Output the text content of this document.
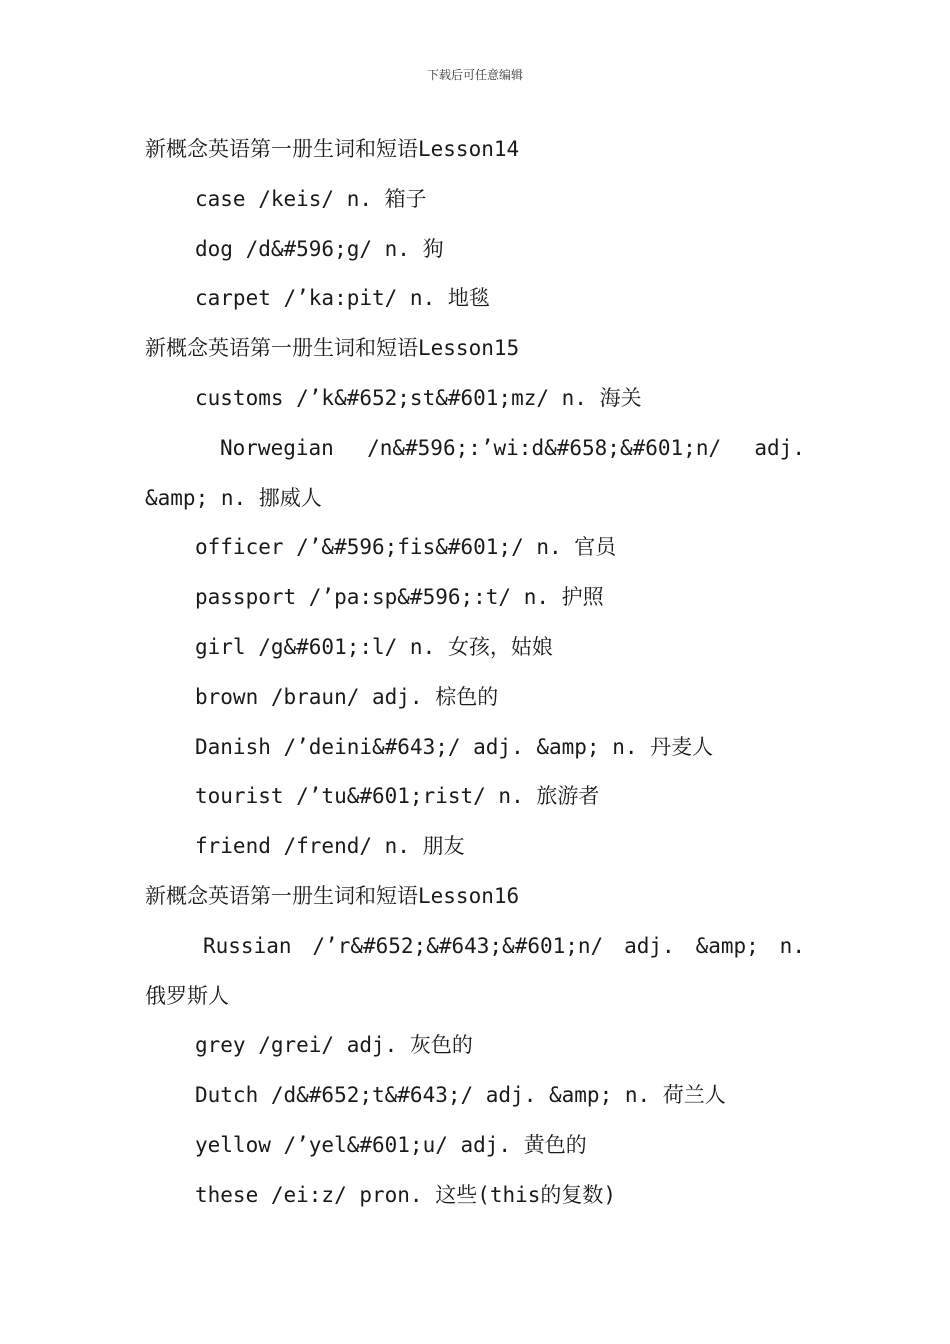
下载后可任意编辑
新概念英语第一册生词和短语Lesson14
case /keis/ n. 箱子
dog /d&#596;g/ n. 狗
carpet /’ka:pit/ n. 地毯
新概念英语第一册生词和短语Lesson15
customs /’k&#652;st&#601;mz/ n. 海关
Norwegian /n&#596;:’wi:d&#658;&#601;n/ adj.
&amp; n. 挪威人
officer /’&#596;fis&#601;/ n. 官员
passport /’pa:sp&#596;:t/ n. 护照
girl /g&#601;:l/ n. 女孩，姑娘
brown /braun/ adj. 棕色的
Danish /’deini&#643;/ adj. &amp; n. 丹麦人
tourist /’tu&#601;rist/ n. 旅游者
friend /frend/ n. 朋友
新概念英语第一册生词和短语Lesson16
Russian /’r&#652;&#643;&#601;n/ adj. &amp; n.
俄罗斯人
grey /grei/ adj. 灰色的
Dutch /d&#652;t&#643;/ adj. &amp; n. 荷兰人
yellow /’yel&#601;u/ adj. 黄色的
these /ei:z/ pron. 这些(this的复数)
